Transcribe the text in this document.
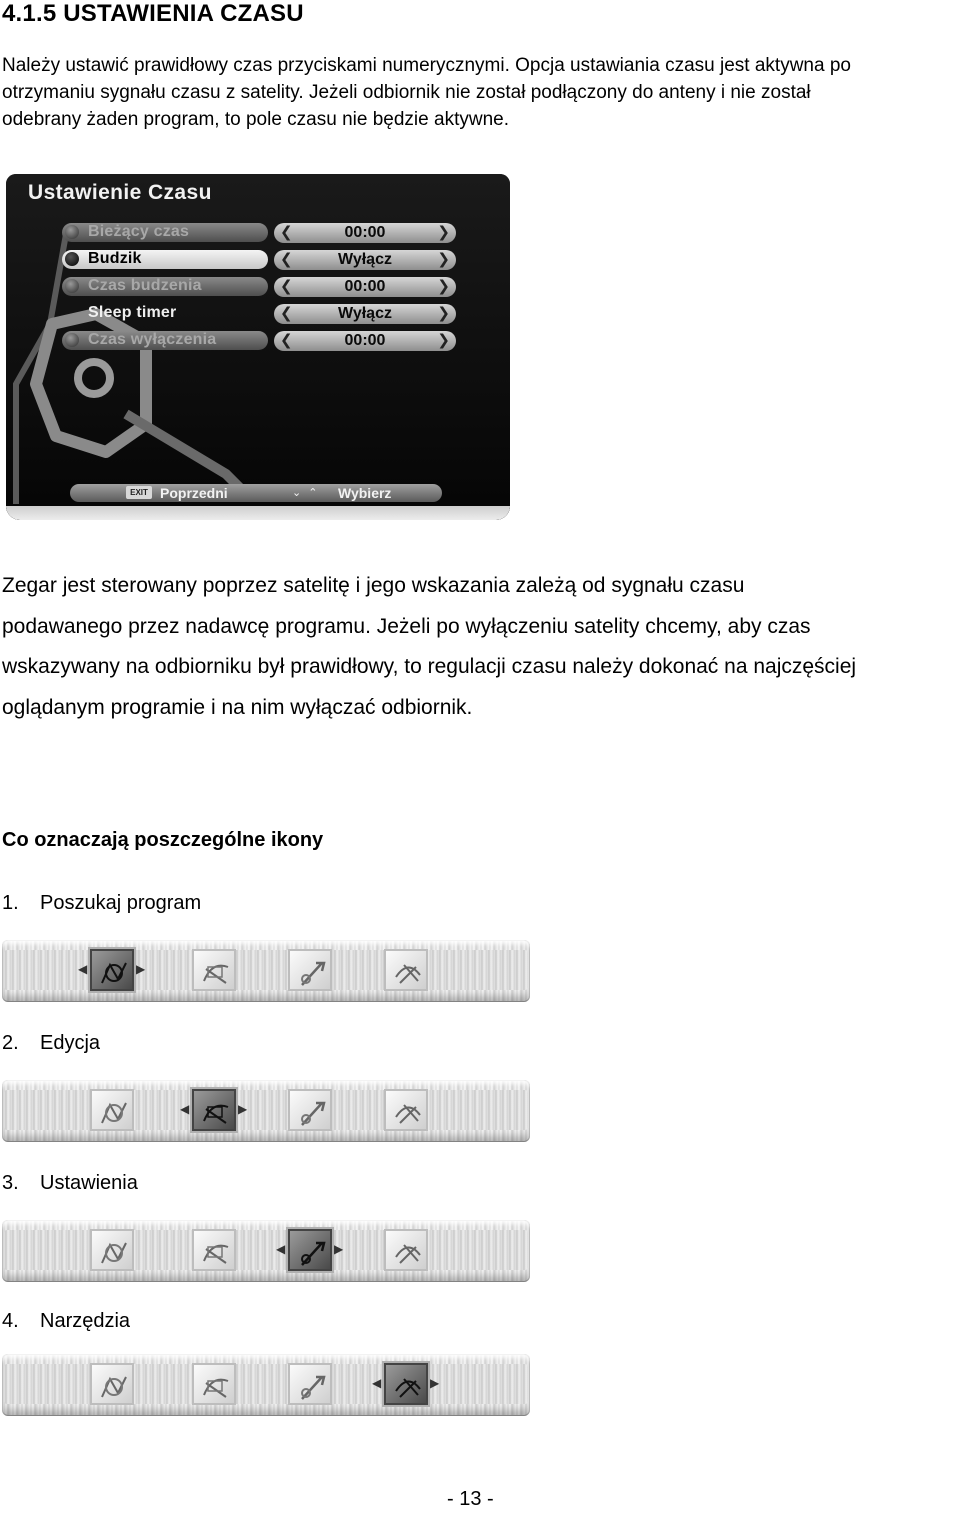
4.1.5 USTAWIENIA CZASU

Należy ustawić prawidłowy czas przyciskami numerycznymi. Opcja ustawiania czasu jest aktywna po
otrzymaniu sygnału czasu z satelity. Jeżeli odbiornik nie został podłączony do anteny i nie został
odebrany żaden program, to pole czasu nie będzie aktywne.

Ustawienie Czasu
Bieżący czas	❮	00:00	❯
Budzik	❮	Wyłącz	❯
Czas budzenia	❮	00:00	❯
Sleep timer	❮	Wyłącz	❯
Czas wyłączenia	❮	00:00	❯
EXIT Poprzedni	⌄ ⌃ Wybierz

Zegar jest sterowany poprzez satelitę i jego wskazania zależą od sygnału czasu
podawanego przez nadawcę programu. Jeżeli po wyłączeniu satelity chcemy, aby czas
wskazywany na odbiorniku był prawidłowy, to regulacji czasu należy dokonać na najczęściej
oglądanym programie i na nim wyłączać odbiornik.

Co oznaczają poszczególne ikony
1. Poszukaj program
◀	▶
2. Edycja
◀	▶
3. Ustawienia
◀	▶
4. Narzędzia
◀	▶
- 13 -
